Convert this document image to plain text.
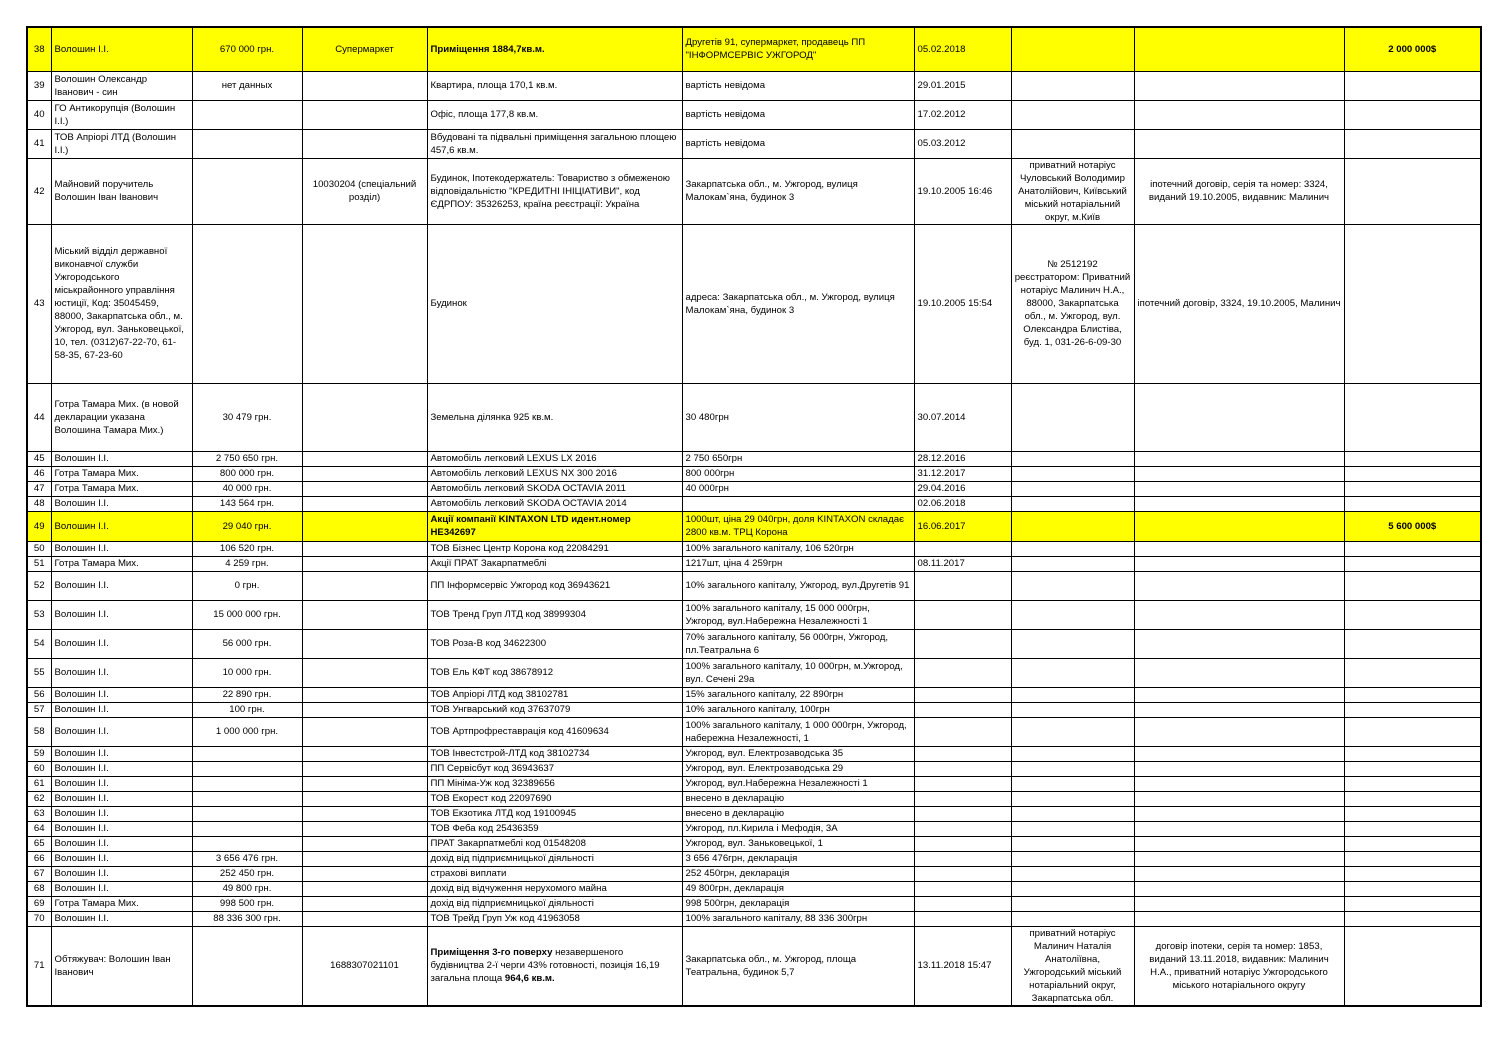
38	Волошин І.І.	670 000 грн.	Супермаркет	Приміщення 1884,7кв.м.	Другетів 91, супермаркет, продавець ПП "ІНФОРМСЕРВІС УЖГОРОД"	05.02.2018			2 000 000$
39	Волошин Олександр Іванович - син	нет данных		Квартира, площа 170,1 кв.м.	вартість невідома	29.01.2015			
40	ГО Антикорупція (Волошин І.І.)			Офіс, площа 177,8 кв.м.	вартість невідома	17.02.2012			
41	ТОВ Апріорі ЛТД (Волошин І.І.)			Вбудовані та підвальні приміщення загальною площею 457,6 кв.м.	вартість невідома	05.03.2012			
42	Майновий поручитель Волошин Іван Іванович		10030204 (спеціальний розділ)	Будинок, Іпотекодержатель: Товариство з обмеженою відповідальністю "КРЕДИТНІ ІНІЦІАТИВИ", код ЄДРПОУ: 35326253, країна реєстрації: Україна	Закарпатська обл., м. Ужгород, вулиця Малокам`яна, будинок 3	19.10.2005 16:46	приватний нотаріус Чуловський Володимир Анатолійович, Київський міський нотаріальний округ, м.Київ	іпотечний договір, серія та номер: 3324, виданий 19.10.2005, видавник: Малинич	
43	Міський відділ державної виконавчої служби Ужгородського міськрайонного управління юстиції, Код: 35045459, 88000, Закарпатська обл., м. Ужгород, вул. Заньковецької, 10, тел. (0312)67-22-70, 61-58-35, 67-23-60			Будинок	адреса: Закарпатська обл., м. Ужгород, вулиця Малокам`яна, будинок 3	19.10.2005 15:54	№ 2512192 реєстратором: Приватний нотаріус Малинич Н.А., 88000, Закарпатська обл., м. Ужгород, вул. Олександра Блистіва, буд. 1, 031-26-6-09-30	іпотечний договір, 3324, 19.10.2005, Малинич	
44	Готра Тамара Мих. (в новой декларации указана Волошина Тамара Мих.)	30 479 грн.		Земельна ділянка 925 кв.м.	30 480грн	30.07.2014			
45	Волошин І.І.	2 750 650 грн.		Автомобіль легковий LEXUS LX 2016	2 750 650грн	28.12.2016			
46	Готра Тамара Мих.	800 000 грн.		Автомобіль легковий LEXUS NX 300 2016	800 000грн	31.12.2017			
47	Готра Тамара Мих.	40 000 грн.		Автомобіль легковий SKODA OCTAVIA 2011	40 000грн	29.04.2016			
48	Волошин І.І.	143 564 грн.		Автомобіль легковий SKODA OCTAVIA 2014		02.06.2018			
49	Волошин І.І.	29 040 грн.		Акції компанії KINTAXON LTD идент.номер НЕ342697	1000шт, ціна 29 040грн, доля KINTAXON складає 2800 кв.м. ТРЦ Корона	16.06.2017			5 600 000$
50	Волошин І.І.	106 520 грн.		ТОВ Бізнес Центр Корона код 22084291	100% загального капіталу, 106 520грн				
51	Готра Тамара Мих.	4 259 грн.		Акції ПРАТ Закарпатмеблі	1217шт, ціна 4 259грн	08.11.2017			
52	Волошин І.І.	0 грн.		ПП Інформсервіс Ужгород код 36943621	10% загального капіталу, Ужгород, вул.Другетів 91				
53	Волошин І.І.	15 000 000 грн.		ТОВ Тренд Груп ЛТД код 38999304	100% загального капіталу, 15 000 000грн, Ужгород, вул.Набережна Незалежності 1				
54	Волошин І.І.	56 000 грн.		ТОВ Роза-В код 34622300	70% загального капіталу, 56 000грн, Ужгород, пл.Театральна 6				
55	Волошин І.І.	10 000 грн.		ТОВ Ель КФТ код 38678912	100% загального капіталу, 10 000грн, м.Ужгород, вул. Сечені 29а				
56	Волошин І.І.	22 890 грн.		ТОВ Апріорі ЛТД код 38102781	15% загального капіталу, 22 890грн				
57	Волошин І.І.	100 грн.		ТОВ Унгварський код 37637079	10% загального капіталу, 100грн				
58	Волошин І.І.	1 000 000 грн.		ТОВ Артпрофреставрація код 41609634	100% загального капіталу, 1 000 000грн, Ужгород, набережна Незалежності, 1				
59	Волошин І.І.			ТОВ Інвестстрой-ЛТД код 38102734	Ужгород, вул. Електрозаводська 35				
60	Волошин І.І.			ПП Сервісбут код 36943637	Ужгород, вул. Електрозаводська 29				
61	Волошин І.І.			ПП Мініма-Уж код 32389656	Ужгород, вул.Набережна Незалежності 1				
62	Волошин І.І.			ТОВ Екорест код 22097690	внесено в декларацію				
63	Волошин І.І.			ТОВ Екзотика ЛТД код 19100945	внесено в декларацію				
64	Волошин І.І.			ТОВ Феба код 25436359	Ужгород, пл.Кирила і Мефодія, 3А				
65	Волошин І.І.			ПРАТ Закарпатмеблі код 01548208	Ужгород, вул. Заньковецької, 1				
66	Волошин І.І.	3 656 476 грн.		дохід від підприємницької діяльності	3 656 476грн, декларація				
67	Волошин І.І.	252 450 грн.		страхові виплати	252 450грн, декларація				
68	Волошин І.І.	49 800 грн.		дохід від відчуження нерухомого майна	49 800грн, декларація				
69	Готра Тамара Мих.	998 500 грн.		дохід від підприємницької діяльності	998 500грн, декларація				
70	Волошин І.І.	88 336 300 грн.		ТОВ Трейд Груп Уж код 41963058	100% загального капіталу, 88 336 300грн				
71	Обтяжувач: Волошин Іван Іванович		1688307021101	Приміщення 3-го поверху незавершеного будівництва 2-ї черги 43% готовності, позиція 16,19 загальна площа 964,6 кв.м.	Закарпатська обл., м. Ужгород, площа Театральна, будинок 5,7	13.11.2018 15:47	приватний нотаріус Малинич Наталія Анатоліївна, Ужгородський міський нотаріальний округ, Закарпатська обл.	договір іпотеки, серія та номер: 1853, виданий 13.11.2018, видавник: Малинич Н.А., приватний нотаріус Ужгородського міського нотаріального округу	
